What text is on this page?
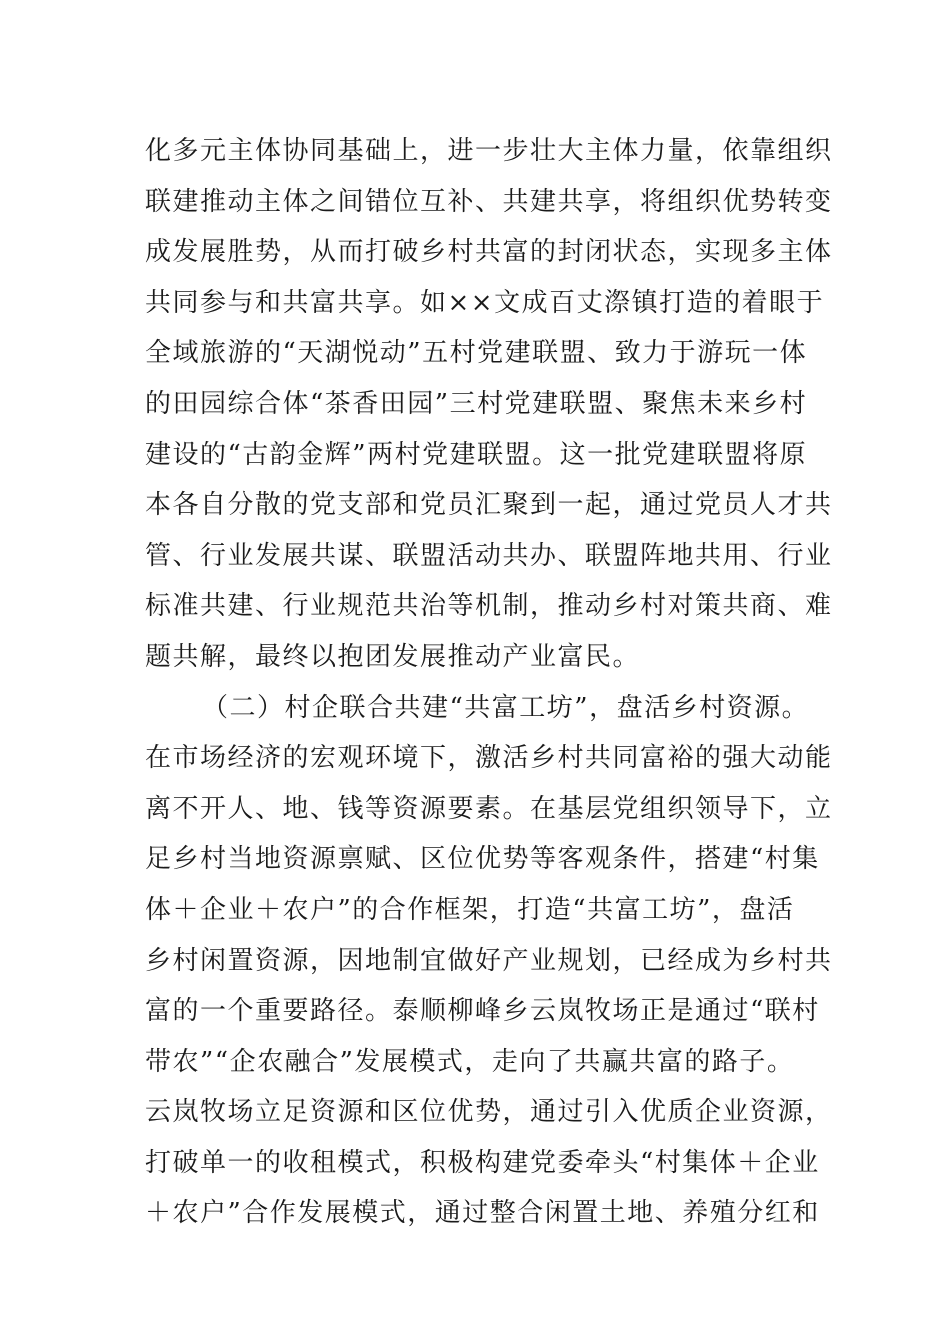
化多元主体协同基础上，进一步壮大主体力量，依靠组织
联建推动主体之间错位互补、共建共享，将组织优势转变
成发展胜势，从而打破乡村共富的封闭状态，实现多主体
共同参与和共富共享。如××文成百丈漈镇打造的着眼于
全域旅游的“天湖悦动”五村党建联盟、致力于游玩一体
的田园综合体“茶香田园”三村党建联盟、聚焦未来乡村
建设的“古韵金辉”两村党建联盟。这一批党建联盟将原
本各自分散的党支部和党员汇聚到一起，通过党员人才共
管、行业发展共谋、联盟活动共办、联盟阵地共用、行业
标准共建、行业规范共治等机制，推动乡村对策共商、难
题共解，最终以抱团发展推动产业富民。
（二）村企联合共建“共富工坊”，盘活乡村资源。
在市场经济的宏观环境下，激活乡村共同富裕的强大动能
离不开人、地、钱等资源要素。在基层党组织领导下，立
足乡村当地资源禀赋、区位优势等客观条件，搭建“村集
体＋企业＋农户”的合作框架，打造“共富工坊”，盘活
乡村闲置资源，因地制宜做好产业规划，已经成为乡村共
富的一个重要路径。泰顺柳峰乡云岚牧场正是通过“联村
带农”“企农融合”发展模式，走向了共赢共富的路子。
云岚牧场立足资源和区位优势，通过引入优质企业资源，
打破单一的收租模式，积极构建党委牵头“村集体＋企业
＋农户”合作发展模式，通过整合闲置土地、养殖分红和
